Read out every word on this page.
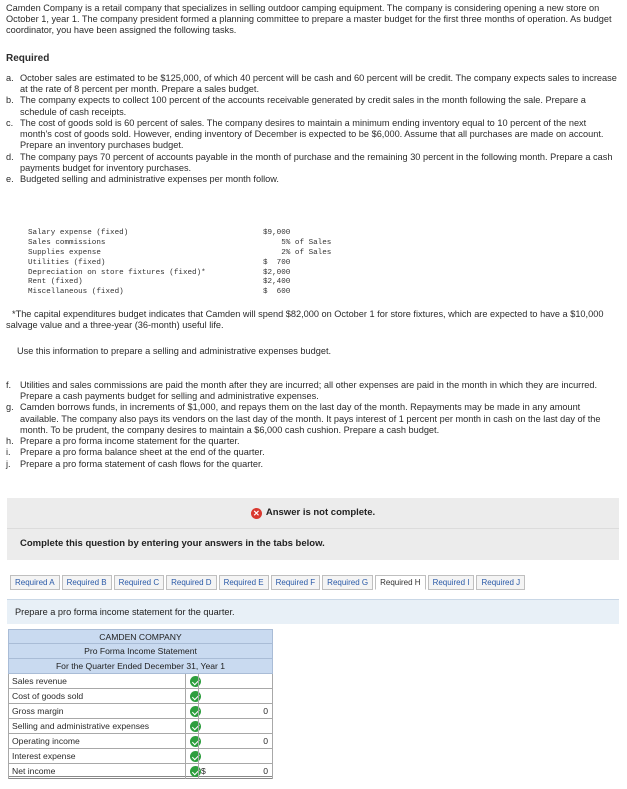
Camden Company is a retail company that specializes in selling outdoor camping equipment. The company is considering opening a new store on October 1, year 1. The company president formed a planning committee to prepare a master budget for the first three months of operation. As budget coordinator, you have been assigned the following tasks.
Required
a. October sales are estimated to be $125,000, of which 40 percent will be cash and 60 percent will be credit. The company expects sales to increase at the rate of 8 percent per month. Prepare a sales budget.
b. The company expects to collect 100 percent of the accounts receivable generated by credit sales in the month following the sale. Prepare a schedule of cash receipts.
c. The cost of goods sold is 60 percent of sales. The company desires to maintain a minimum ending inventory equal to 10 percent of the next month's cost of goods sold. However, ending inventory of December is expected to be $6,000. Assume that all purchases are made on account. Prepare an inventory purchases budget.
d. The company pays 70 percent of accounts payable in the month of purchase and the remaining 30 percent in the following month. Prepare a cash payments budget for inventory purchases.
e. Budgeted selling and administrative expenses per month follow.
Salary expense (fixed)	$9,000
Sales commissions	5% of Sales
Supplies expense	2% of Sales
Utilities (fixed)	$  700
Depreciation on store fixtures (fixed)*	$2,000
Rent (fixed)	$2,400
Miscellaneous (fixed)	$  600
*The capital expenditures budget indicates that Camden will spend $82,000 on October 1 for store fixtures, which are expected to have a $10,000 salvage value and a three-year (36-month) useful life.
Use this information to prepare a selling and administrative expenses budget.
f. Utilities and sales commissions are paid the month after they are incurred; all other expenses are paid in the month in which they are incurred. Prepare a cash payments budget for selling and administrative expenses.
g. Camden borrows funds, in increments of $1,000, and repays them on the last day of the month. Repayments may be made in any amount available. The company also pays its vendors on the last day of the month. It pays interest of 1 percent per month in cash on the last day of the month. To be prudent, the company desires to maintain a $6,000 cash cushion. Prepare a cash budget.
h. Prepare a pro forma income statement for the quarter.
i.	Prepare a pro forma balance sheet at the end of the quarter.
j.	Prepare a pro forma statement of cash flows for the quarter.
✕ Answer is not complete.
Complete this question by entering your answers in the tabs below.
Required A	Required B	Required C	Required D	Required E	Required F	Required G	Required H	Required I	Required J
Prepare a pro forma income statement for the quarter.
CAMDEN COMPANY
Pro Forma Income Statement
For the Quarter Ended December 31, Year 1
Sales revenue
Cost of goods sold
Gross margin	0
Selling and administrative expenses
Operating income	0
Interest expense
Net income	$	0
